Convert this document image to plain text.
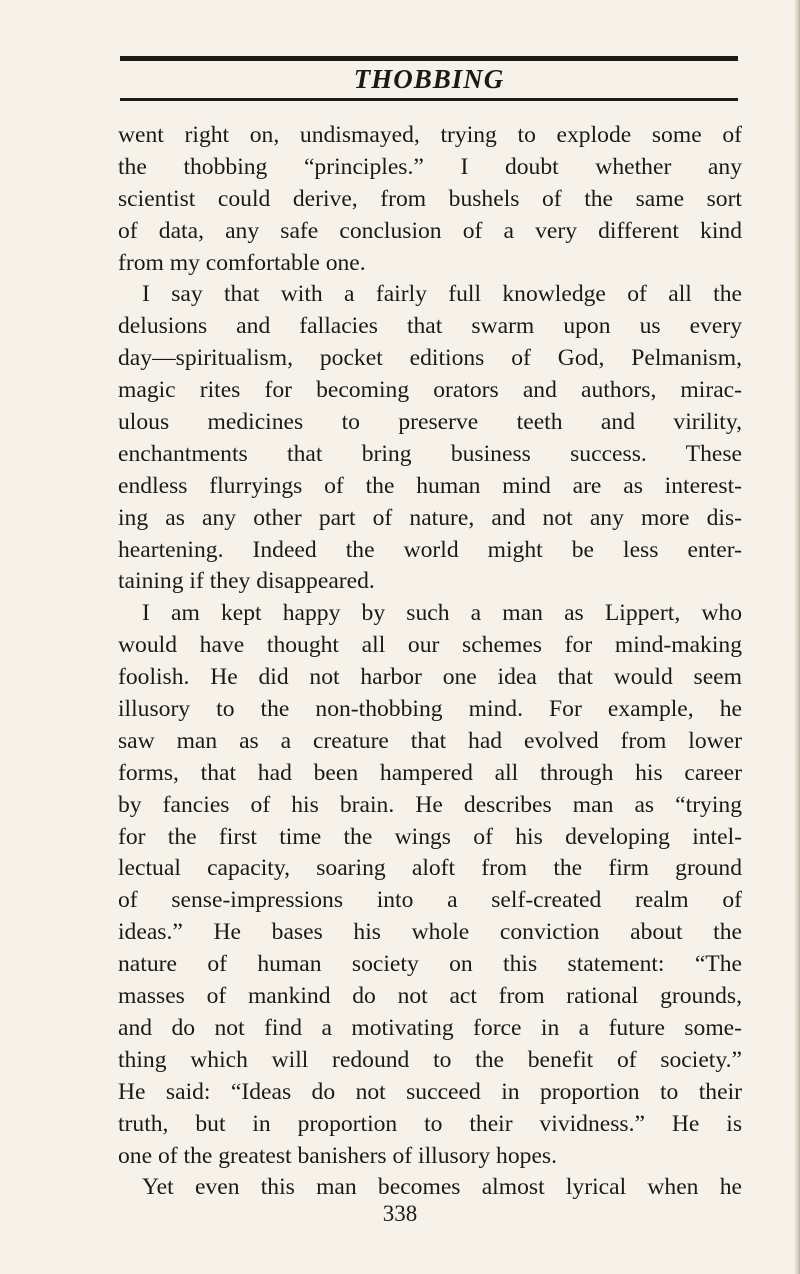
THOBBING
went right on, undismayed, trying to explode some of
the thobbing “principles.” I doubt whether any
scientist could derive, from bushels of the same sort
of data, any safe conclusion of a very different kind
from my comfortable one.
I say that with a fairly full knowledge of all the
delusions and fallacies that swarm upon us every
day—spiritualism, pocket editions of God, Pelmanism,
magic rites for becoming orators and authors, mirac-
ulous medicines to preserve teeth and virility,
enchantments that bring business success. These
endless flurryings of the human mind are as interest-
ing as any other part of nature, and not any more dis-
heartening. Indeed the world might be less enter-
taining if they disappeared.
I am kept happy by such a man as Lippert, who
would have thought all our schemes for mind-making
foolish. He did not harbor one idea that would seem
illusory to the non-thobbing mind. For example, he
saw man as a creature that had evolved from lower
forms, that had been hampered all through his career
by fancies of his brain. He describes man as “trying
for the first time the wings of his developing intel-
lectual capacity, soaring aloft from the firm ground
of sense-impressions into a self-created realm of
ideas.” He bases his whole conviction about the
nature of human society on this statement: “The
masses of mankind do not act from rational grounds,
and do not find a motivating force in a future some-
thing which will redound to the benefit of society.”
He said: “Ideas do not succeed in proportion to their
truth, but in proportion to their vividness.” He is
one of the greatest banishers of illusory hopes.
Yet even this man becomes almost lyrical when he
338
